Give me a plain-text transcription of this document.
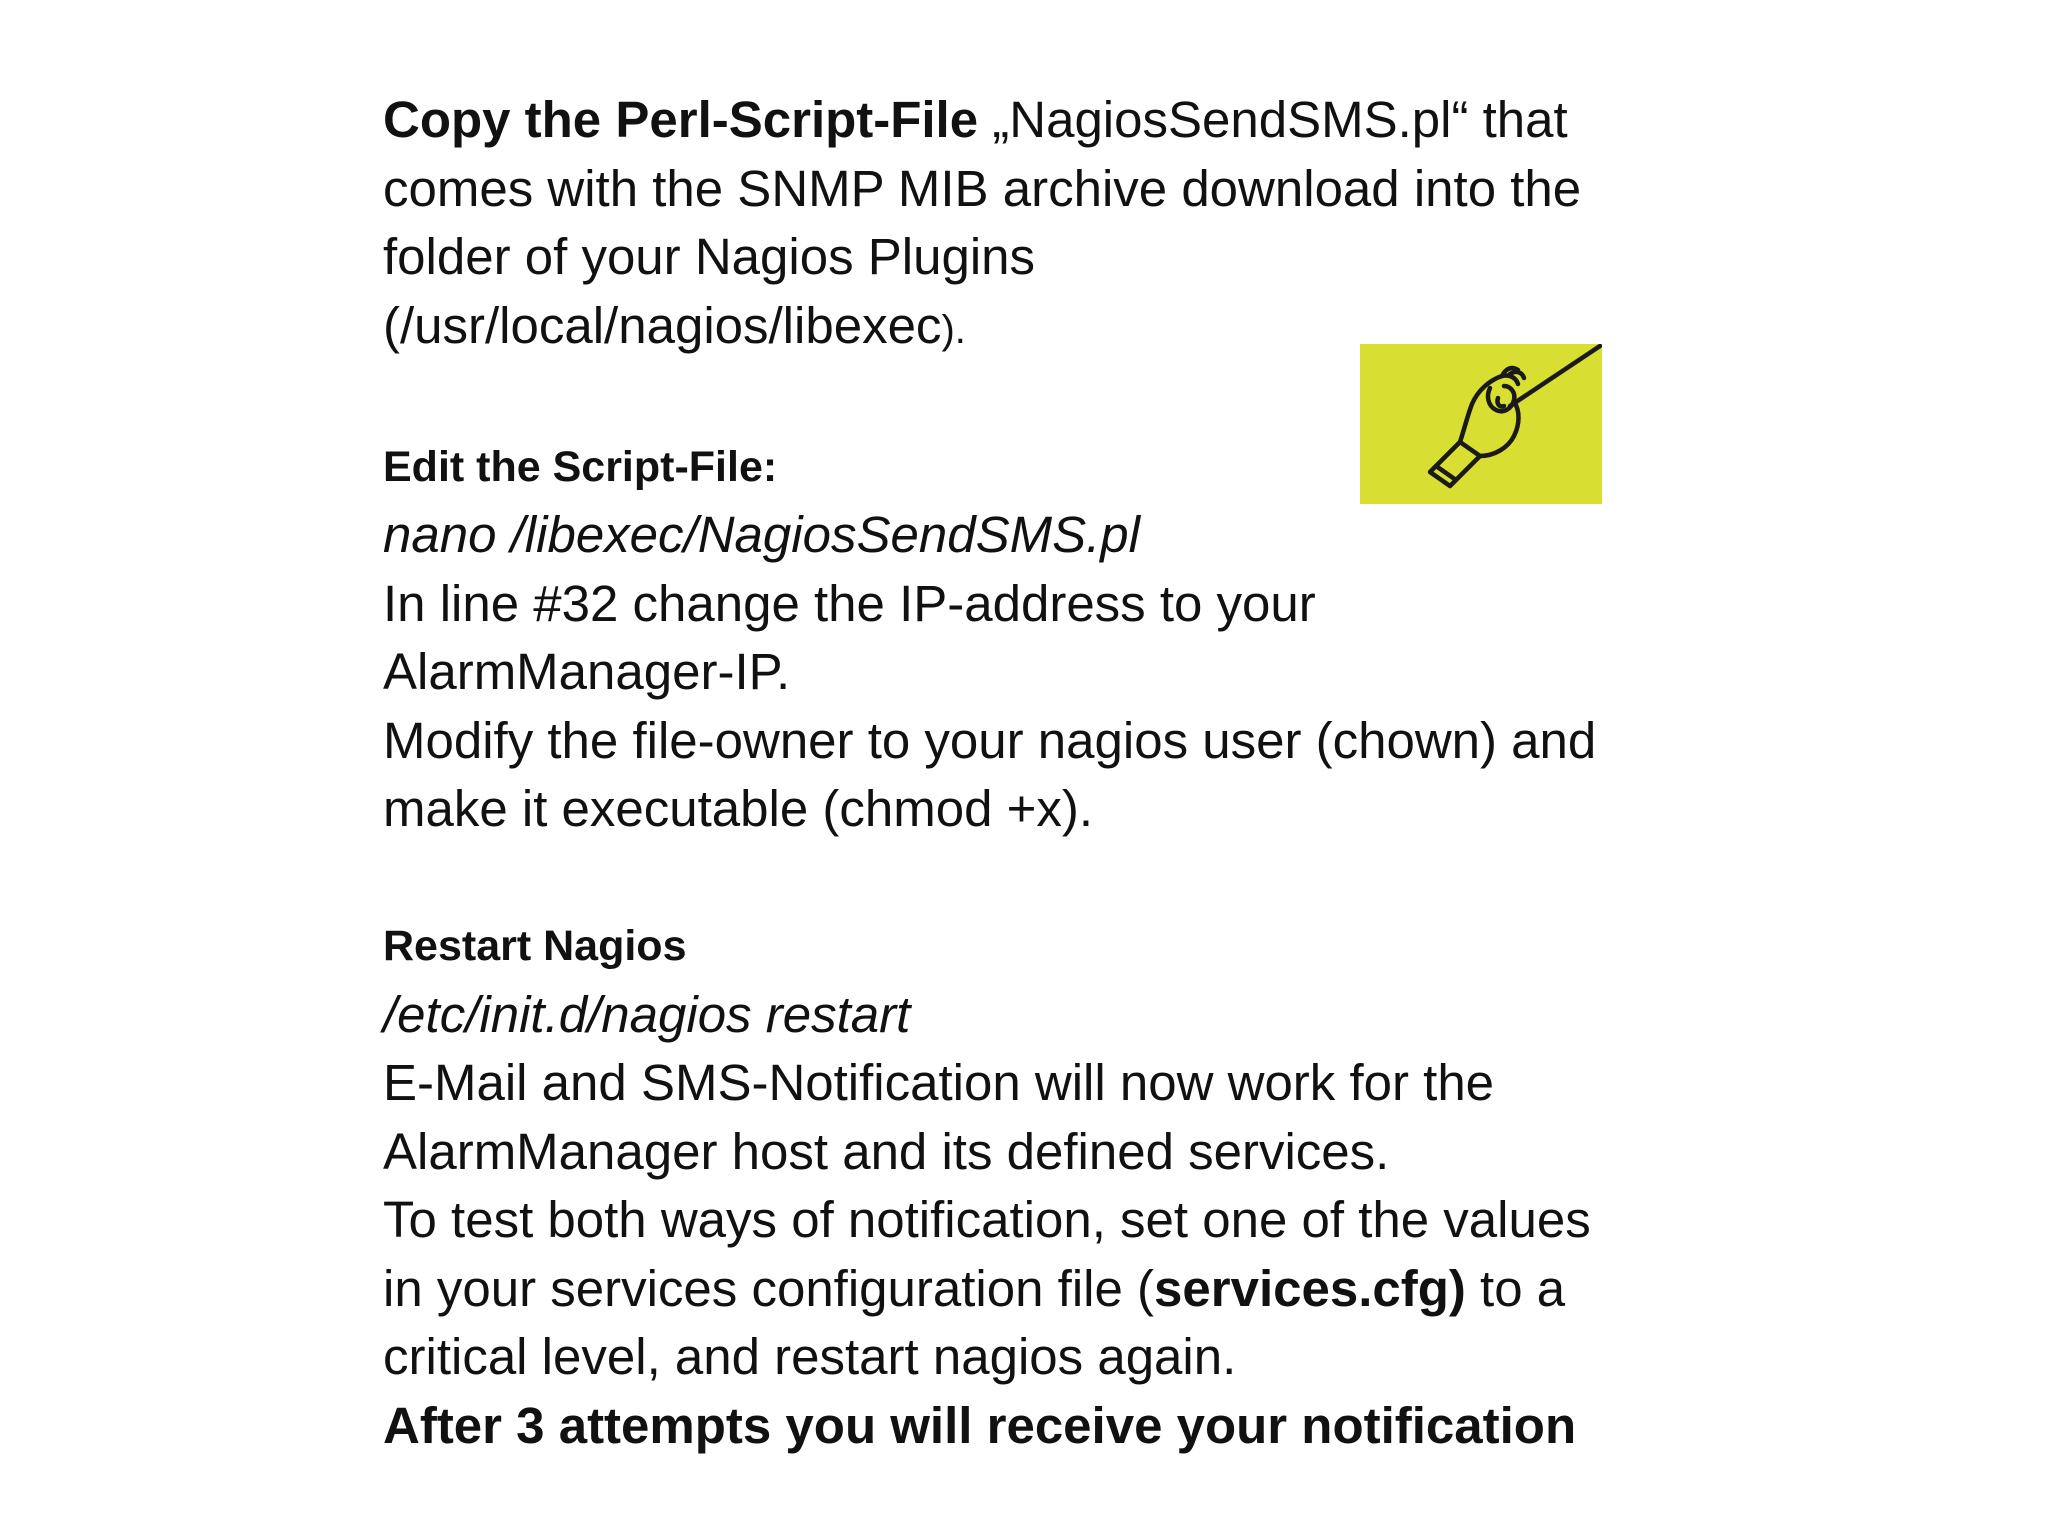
Copy the Perl-Script-File „NagiosSendSMS.pl“ that
comes with the SNMP MIB archive download into the
folder of your Nagios Plugins
(/usr/local/nagios/libexec).
Edit the Script-File:
nano /libexec/NagiosSendSMS.pl
In line #32 change the IP-address to your
AlarmManager-IP.
Modify the file-owner to your nagios user (chown) and
make it executable (chmod +x).
Restart Nagios
/etc/init.d/nagios restart
E-Mail and SMS-Notification will now work for the
AlarmManager host and its defined services.
To test both ways of notification, set one of the values
in your services configuration file (services.cfg) to a
critical level, and restart nagios again.
After 3 attempts you will receive your notification
